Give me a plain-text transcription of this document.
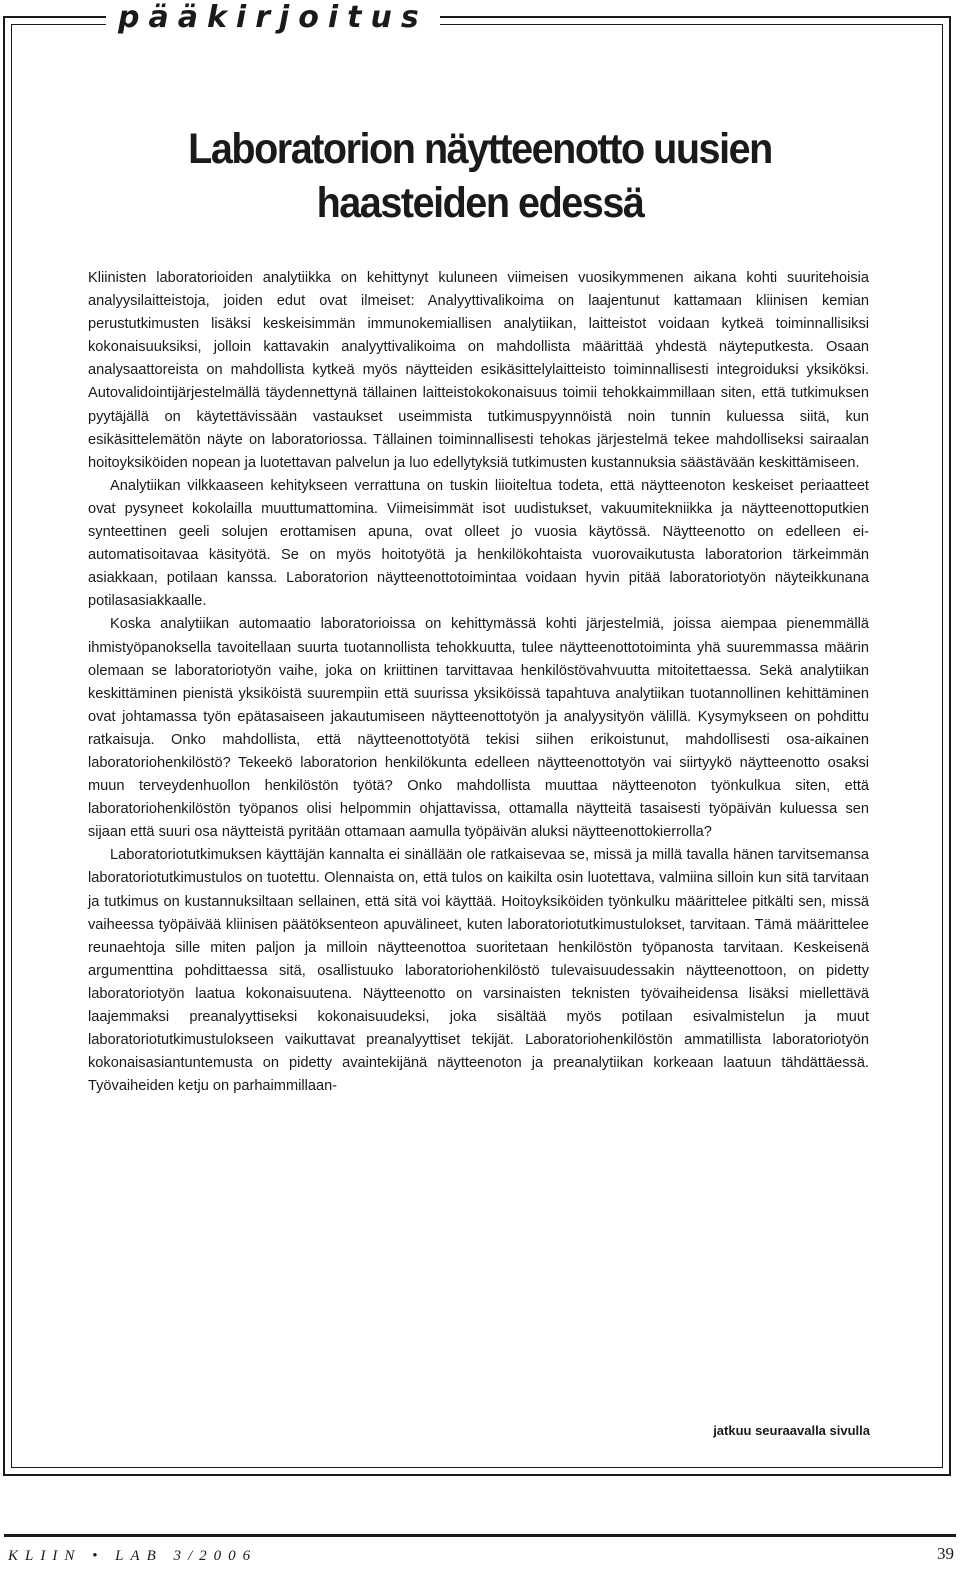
pääkirjoitus
Laboratorion näytteenotto uusien haasteiden edessä

Kliinisten laboratorioiden analytiikka on kehittynyt kuluneen viimeisen vuosikymmenen aikana kohti suuritehoisia analyysilaitteistoja, joiden edut ovat ilmeiset: Analyyttivalikoima on laajentunut kattamaan kliinisen kemian perustutkimusten lisäksi keskeisimmän immunokemiallisen analytiikan, laitteistot voidaan kytkeä toiminnallisiksi kokonaisuuksiksi, jolloin kattavakin analyyttivalikoima on mahdollista määrittää yhdestä näyteputkesta. Osaan analysaattoreista on mahdollista kytkeä myös näytteiden esikäsittelylaitteisto toiminnallisesti integroiduksi yksiköksi. Autovalidointijärjestelmällä täydennettynä tällainen laitteistokokonaisuus toimii tehokkaimmillaan siten, että tutkimuksen pyytäjällä on käytettävissään vastaukset useimmista tutkimuspyynnöistä noin tunnin kuluessa siitä, kun esikäsittelemätön näyte on laboratoriossa. Tällainen toiminnallisesti tehokas järjestelmä tekee mahdolliseksi sairaalan hoitoyksiköiden nopean ja luotettavan palvelun ja luo edellytyksiä tutkimusten kustannuksia säästävään keskittämiseen.

Analytiikan vilkkaaseen kehitykseen verrattuna on tuskin liioiteltua todeta, että näytteenoton keskeiset periaatteet ovat pysyneet kokolailla muuttumattomina. Viimeisimmät isot uudistukset, vakuumitekniikka ja näytteenottoputkien synteettinen geeli solujen erottamisen apuna, ovat olleet jo vuosia käytössä. Näytteenotto on edelleen ei-automatisoitavaa käsityötä. Se on myös hoitotyötä ja henkilökohtaista vuorovaikutusta laboratorion tärkeimmän asiakkaan, potilaan kanssa. Laboratorion näytteenottotoimintaa voidaan hyvin pitää laboratoriotyön näyteikkunana potilasasiakkaalle.

Koska analytiikan automaatio laboratorioissa on kehittymässä kohti järjestelmiä, joissa aiempaa pienemmällä ihmistyöpanoksella tavoitellaan suurta tuotannollista tehokkuutta, tulee näytteenottotoiminta yhä suuremmassa määrin olemaan se laboratoriotyön vaihe, joka on kriittinen tarvittavaa henkilöstövahvuutta mitoitettaessa. Sekä analytiikan keskittäminen pienistä yksiköistä suurempiin että suurissa yksiköissä tapahtuva analytiikan tuotannollinen kehittäminen ovat johtamassa työn epätasaiseen jakautumiseen näytteenottotyön ja analyysityön välillä. Kysymykseen on pohdittu ratkaisuja. Onko mahdollista, että näytteenottotyötä tekisi siihen erikoistunut, mahdollisesti osa-aikainen laboratoriohenkilöstö? Tekeekö laboratorion henkilökunta edelleen näytteenottotyön vai siirtyykö näytteenotto osaksi muun terveydenhuollon henkilöstön työtä? Onko mahdollista muuttaa näytteenoton työnkulkua siten, että laboratoriohenkilöstön työpanos olisi helpommin ohjattavissa, ottamalla näytteitä tasaisesti työpäivän kuluessa sen sijaan että suuri osa näytteistä pyritään ottamaan aamulla työpäivän aluksi näytteenottokierrolla?

Laboratoriotutkimuksen käyttäjän kannalta ei sinällään ole ratkaisevaa se, missä ja millä tavalla hänen tarvitsemansa laboratoriotutkimustulos on tuotettu. Olennaista on, että tulos on kaikilta osin luotettava, valmiina silloin kun sitä tarvitaan ja tutkimus on kustannuksiltaan sellainen, että sitä voi käyttää. Hoitoyksiköiden työnkulku määrittelee pitkälti sen, missä vaiheessa työpäivää kliinisen päätöksenteon apuvälineet, kuten laboratoriotutkimustulokset, tarvitaan. Tämä määrittelee reunaehtoja sille miten paljon ja milloin näytteenottoa suoritetaan henkilöstön työpanosta tarvitaan. Keskeisenä argumenttina pohdittaessa sitä, osallistuuko laboratoriohenkilöstö tulevaisuudessakin näytteenottoon, on pidetty laboratoriotyön laatua kokonaisuutena. Näytteenotto on varsinaisten teknisten työvaiheidensa lisäksi miellettävä laajemmaksi preanalyyttiseksi kokonaisuudeksi, joka sisältää myös potilaan esivalmistelun ja muut laboratoriotutkimustulokseen vaikuttavat preanalyyttiset tekijät. Laboratoriohenkilöstön ammatillista laboratoriotyön kokonaisasiantuntemusta on pidetty avaintekijänä näytteenoton ja preanalytiikan korkeaan laatuun tähdättäessä. Työvaiheiden ketju on parhaimmillaan-

jatkuu seuraavalla sivulla
KLIIN • LAB 3/2006	39
